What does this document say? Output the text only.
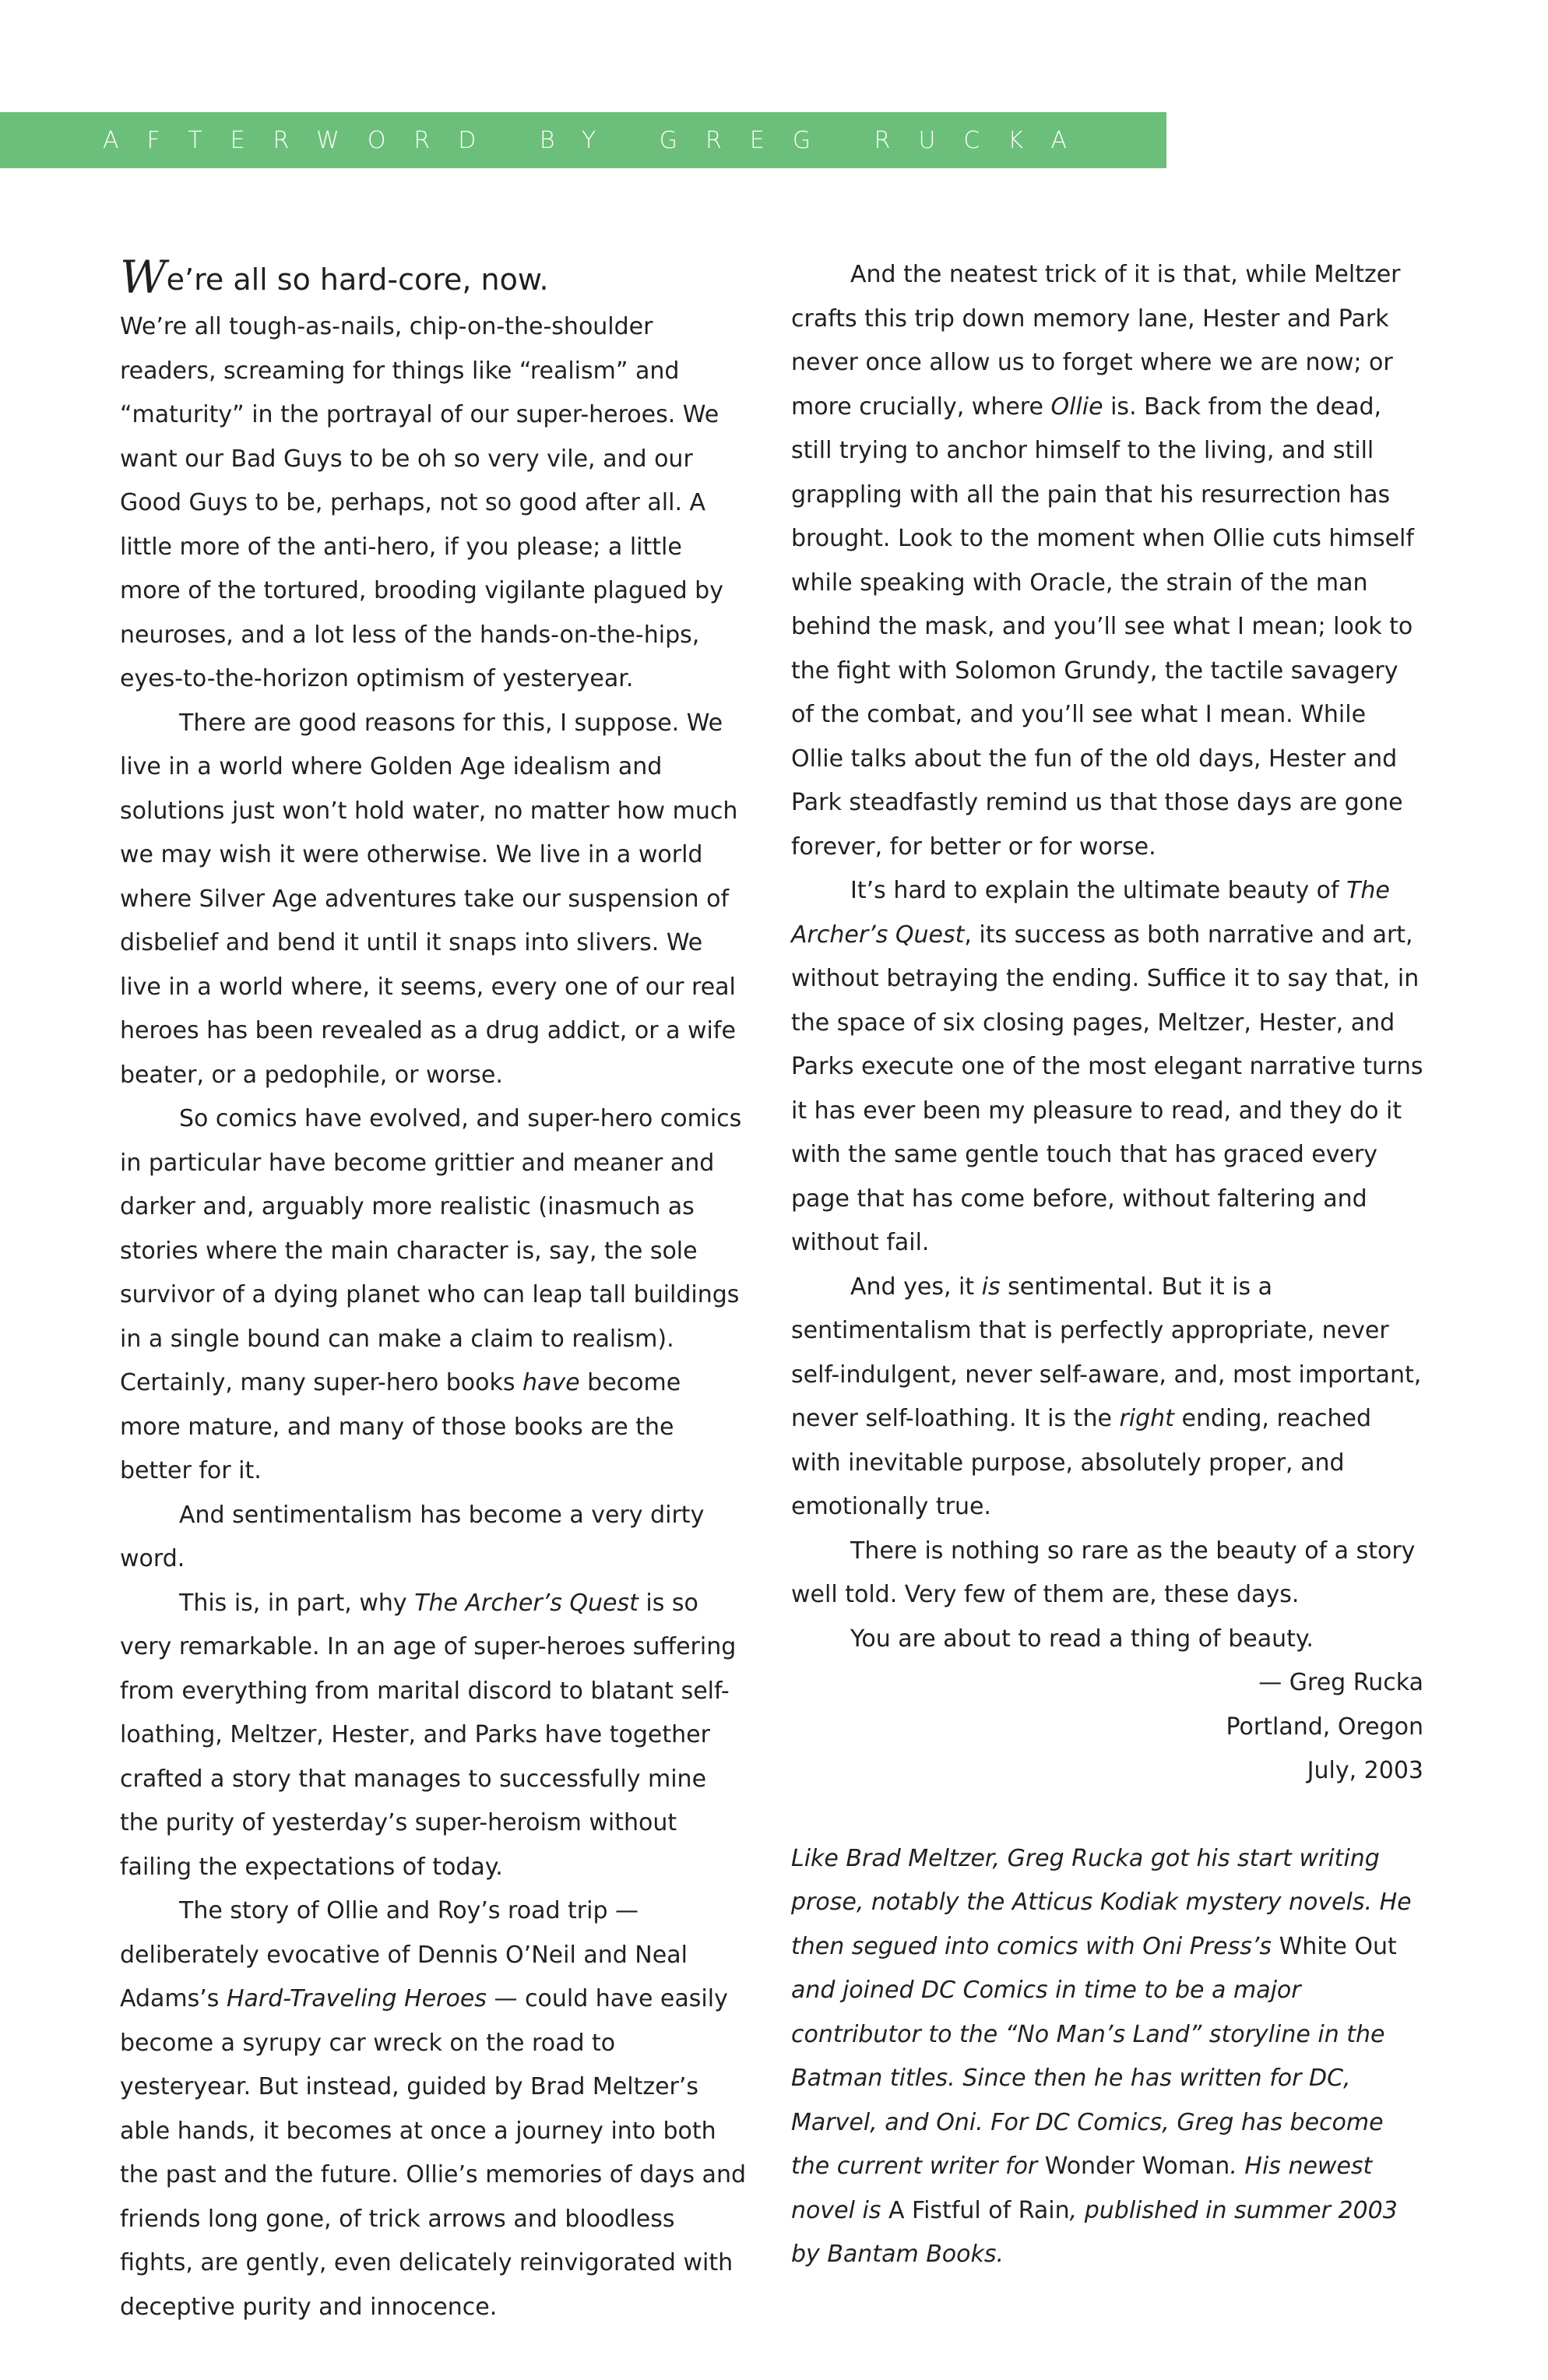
AFTERWORD BY GREG RUCKA

We’re all so hard-core, now.

We’re all tough-as-nails, chip-on-the-shoulder readers, screaming for things like “realism” and “maturity” in the portrayal of our super-heroes. We want our Bad Guys to be oh so very vile, and our Good Guys to be, perhaps, not so good after all. A little more of the anti-hero, if you please; a little more of the tortured, brooding vigilante plagued by neuroses, and a lot less of the hands-on-the-hips, eyes-to-the-horizon optimism of yesteryear.

There are good reasons for this, I suppose. We live in a world where Golden Age idealism and solutions just won’t hold water, no matter how much we may wish it were otherwise. We live in a world where Silver Age adventures take our suspension of disbelief and bend it until it snaps into slivers. We live in a world where, it seems, every one of our real heroes has been revealed as a drug addict, or a wife beater, or a pedophile, or worse.

So comics have evolved, and super-hero comics in particular have become grittier and meaner and darker and, arguably more realistic (inasmuch as stories where the main character is, say, the sole survivor of a dying planet who can leap tall buildings in a single bound can make a claim to realism). Certainly, many super-hero books have become more mature, and many of those books are the better for it.

And sentimentalism has become a very dirty word.

This is, in part, why The Archer’s Quest is so very remarkable. In an age of super-heroes suffering from everything from marital discord to blatant self-loathing, Meltzer, Hester, and Parks have together crafted a story that manages to successfully mine the purity of yesterday’s super-heroism without failing the expectations of today.

The story of Ollie and Roy’s road trip — deliberately evocative of Dennis O’Neil and Neal Adams’s Hard-Traveling Heroes — could have easily become a syrupy car wreck on the road to yesteryear. But instead, guided by Brad Meltzer’s able hands, it becomes at once a journey into both the past and the future. Ollie’s memories of days and friends long gone, of trick arrows and bloodless fights, are gently, even delicately reinvigorated with deceptive purity and innocence.

And the neatest trick of it is that, while Meltzer crafts this trip down memory lane, Hester and Park never once allow us to forget where we are now; or more crucially, where Ollie is. Back from the dead, still trying to anchor himself to the living, and still grappling with all the pain that his resurrection has brought. Look to the moment when Ollie cuts himself while speaking with Oracle, the strain of the man behind the mask, and you’ll see what I mean; look to the fight with Solomon Grundy, the tactile savagery of the combat, and you’ll see what I mean. While Ollie talks about the fun of the old days, Hester and Park steadfastly remind us that those days are gone forever, for better or for worse.

It’s hard to explain the ultimate beauty of The Archer’s Quest, its success as both narrative and art, without betraying the ending. Suffice it to say that, in the space of six closing pages, Meltzer, Hester, and Parks execute one of the most elegant narrative turns it has ever been my pleasure to read, and they do it with the same gentle touch that has graced every page that has come before, without faltering and without fail.

And yes, it is sentimental. But it is a sentimentalism that is perfectly appropriate, never self-indulgent, never self-aware, and, most important, never self-loathing. It is the right ending, reached with inevitable purpose, absolutely proper, and emotionally true.

There is nothing so rare as the beauty of a story well told. Very few of them are, these days.

You are about to read a thing of beauty.

— Greg Rucka

Portland, Oregon

July, 2003

Like Brad Meltzer, Greg Rucka got his start writing prose, notably the Atticus Kodiak mystery novels. He then segued into comics with Oni Press’s White Out and joined DC Comics in time to be a major contributor to the “No Man’s Land” storyline in the Batman titles. Since then he has written for DC, Marvel, and Oni. For DC Comics, Greg has become the current writer for Wonder Woman. His newest novel is A Fistful of Rain, published in summer 2003 by Bantam Books.
